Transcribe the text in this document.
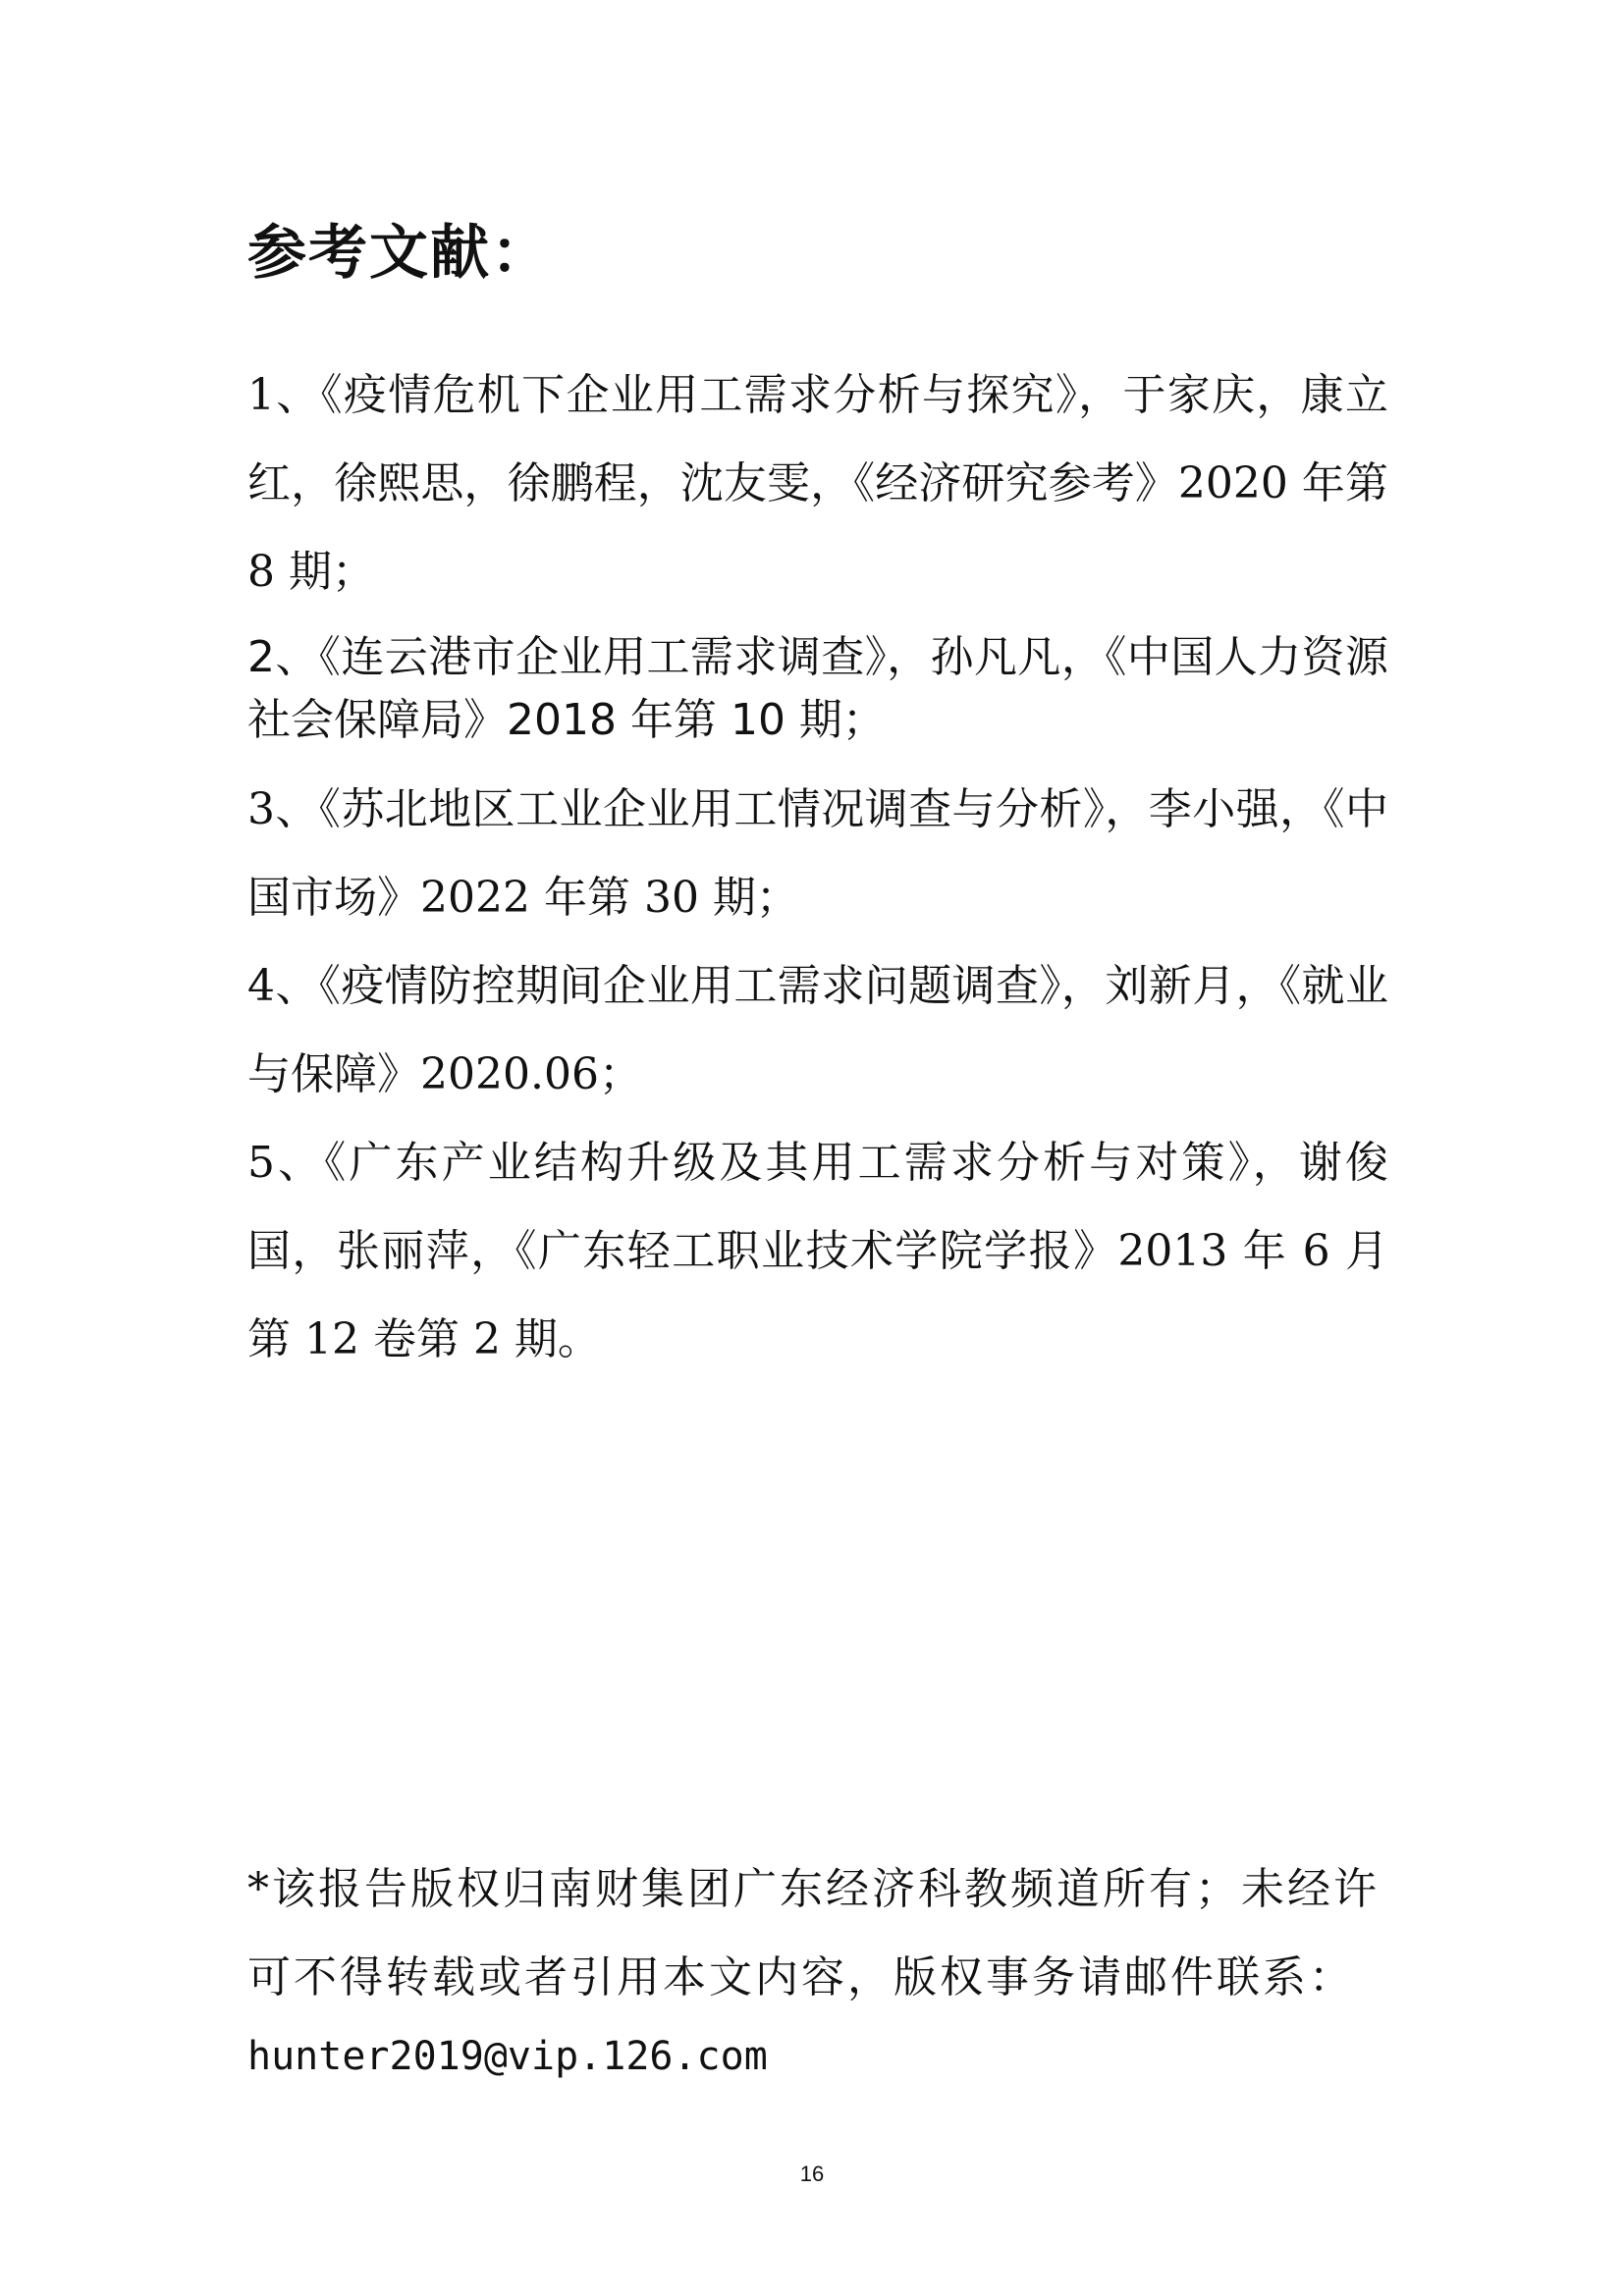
参考文献：
1、《疫情危机下企业用工需求分析与探究》，于家庆，康立红，徐熙思，徐鹏程，沈友雯，《经济研究参考》2020 年第 8 期；
2、《连云港市企业用工需求调查》，孙凡凡，《中国人力资源社会保障局》2018 年第 10 期；
3、《苏北地区工业企业用工情况调查与分析》，李小强，《中国市场》2022 年第 30 期；
4、《疫情防控期间企业用工需求问题调查》，刘新月，《就业与保障》2020.06；
5、《广东产业结构升级及其用工需求分析与对策》，谢俊国，张丽萍，《广东轻工职业技术学院学报》2013 年 6 月第 12 卷第 2 期。

*该报告版权归南财集团广东经济科教频道所有；未经许可不得转载或者引用本文内容，版权事务请邮件联系：

hunter2019@vip.126.com

16
